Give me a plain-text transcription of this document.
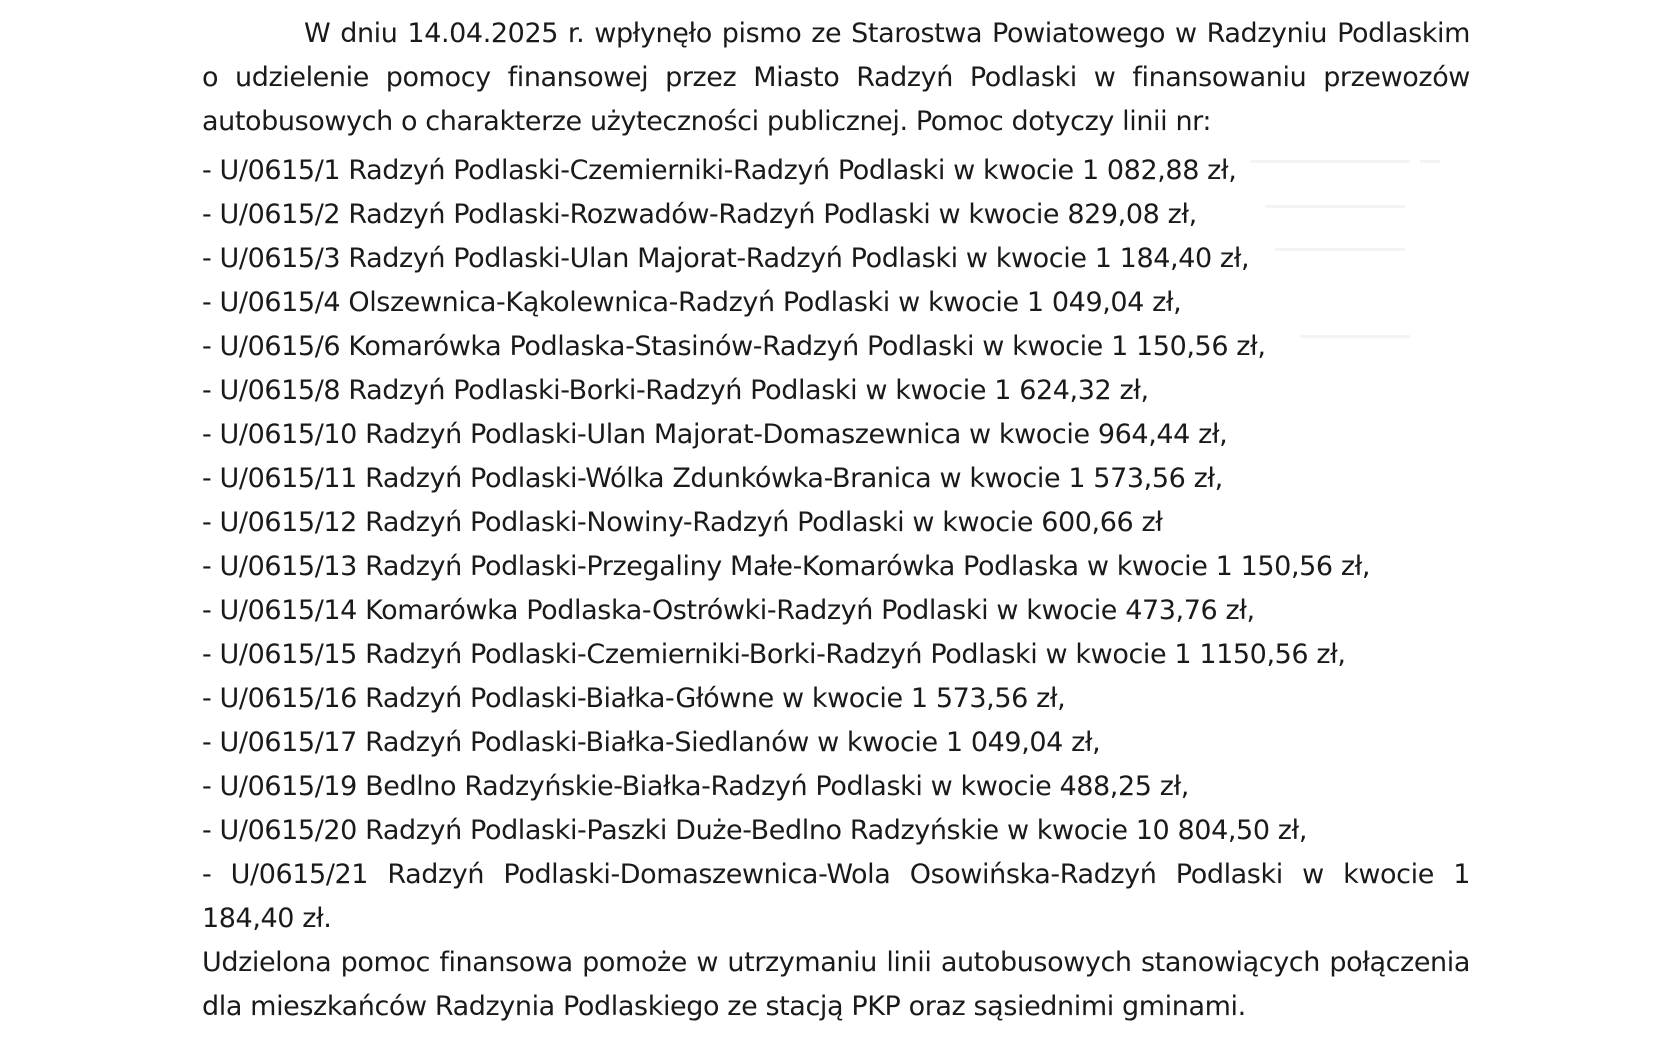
W dniu 14.04.2025 r. wpłynęło pismo ze Starostwa Powiatowego w Radzyniu Podlaskim o udzielenie pomocy finansowej przez Miasto Radzyń Podlaski w finansowaniu przewozów autobusowych o charakterze użyteczności publicznej. Pomoc dotyczy linii nr:

- U/0615/1 Radzyń Podlaski-Czemierniki-Radzyń Podlaski w kwocie 1 082,88 zł,
- U/0615/2 Radzyń Podlaski-Rozwadów-Radzyń Podlaski w kwocie 829,08 zł,
- U/0615/3 Radzyń Podlaski-Ulan Majorat-Radzyń Podlaski w kwocie 1 184,40 zł,
- U/0615/4 Olszewnica-Kąkolewnica-Radzyń Podlaski w kwocie 1 049,04 zł,
- U/0615/6 Komarówka Podlaska-Stasinów-Radzyń Podlaski w kwocie 1 150,56 zł,
- U/0615/8 Radzyń Podlaski-Borki-Radzyń Podlaski w kwocie 1 624,32 zł,
- U/0615/10 Radzyń Podlaski-Ulan Majorat-Domaszewnica w kwocie 964,44 zł,
- U/0615/11 Radzyń Podlaski-Wólka Zdunkówka-Branica w kwocie 1 573,56 zł,
- U/0615/12 Radzyń Podlaski-Nowiny-Radzyń Podlaski w kwocie 600,66 zł
- U/0615/13 Radzyń Podlaski-Przegaliny Małe-Komarówka Podlaska w kwocie 1 150,56 zł,
- U/0615/14 Komarówka Podlaska-Ostrówki-Radzyń Podlaski w kwocie 473,76 zł,
- U/0615/15 Radzyń Podlaski-Czemierniki-Borki-Radzyń Podlaski w kwocie 1 1150,56 zł,
- U/0615/16 Radzyń Podlaski-Białka-Główne w kwocie 1 573,56 zł,
- U/0615/17 Radzyń Podlaski-Białka-Siedlanów w kwocie 1 049,04 zł,
- U/0615/19 Bedlno Radzyńskie-Białka-Radzyń Podlaski w kwocie 488,25 zł,
- U/0615/20 Radzyń Podlaski-Paszki Duże-Bedlno Radzyńskie w kwocie 10 804,50 zł,
- U/0615/21 Radzyń Podlaski-Domaszewnica-Wola Osowińska-Radzyń Podlaski w kwocie 1 184,40 zł.

Udzielona pomoc finansowa pomoże w utrzymaniu linii autobusowych stanowiących połączenia dla mieszkańców Radzynia Podlaskiego ze stacją PKP oraz sąsiednimi gminami.
